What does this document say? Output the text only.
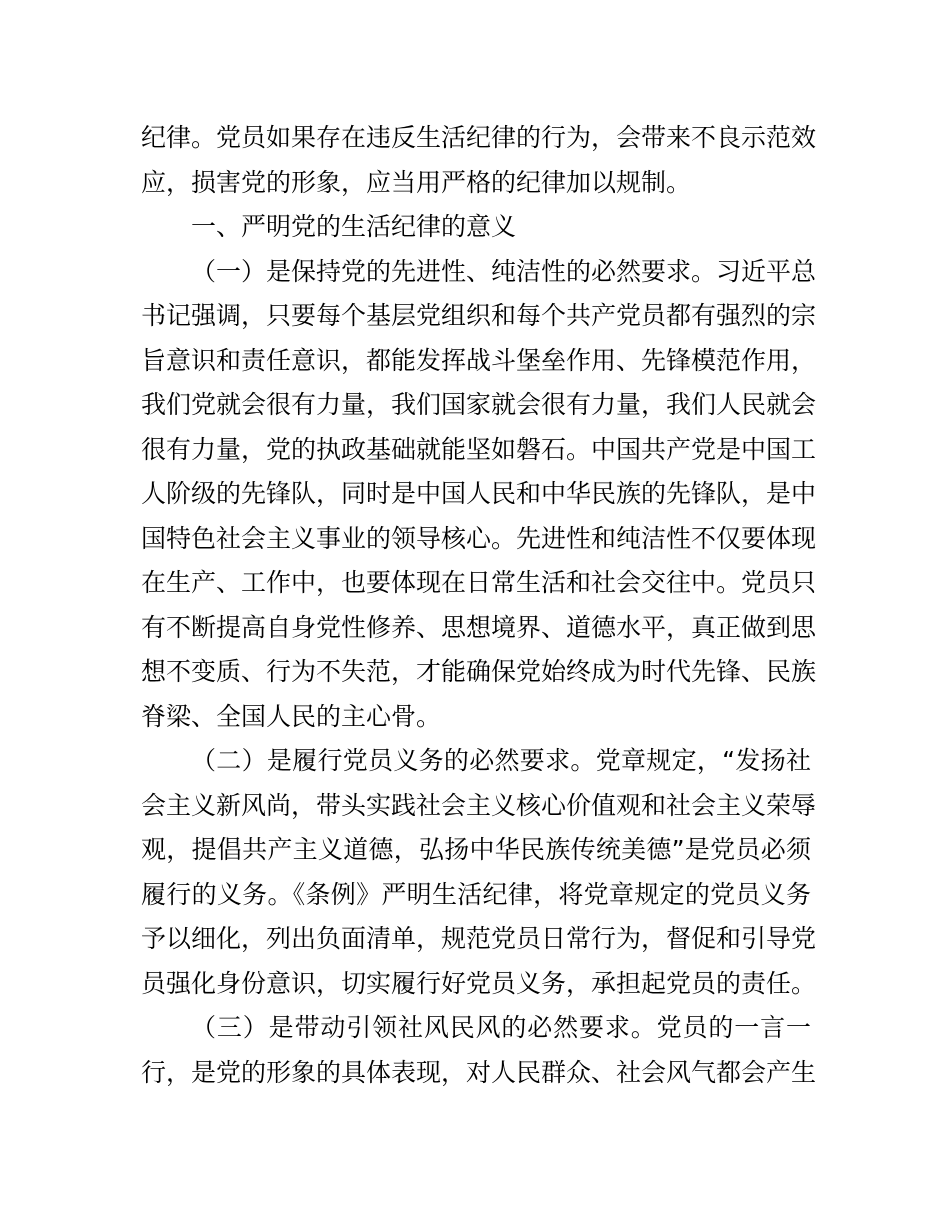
纪律。党员如果存在违反生活纪律的行为，会带来不良示范效
应，损害党的形象，应当用严格的纪律加以规制。
一、严明党的生活纪律的意义
（一）是保持党的先进性、纯洁性的必然要求。习近平总
书记强调，只要每个基层党组织和每个共产党员都有强烈的宗
旨意识和责任意识，都能发挥战斗堡垒作用、先锋模范作用，
我们党就会很有力量，我们国家就会很有力量，我们人民就会
很有力量，党的执政基础就能坚如磐石。中国共产党是中国工
人阶级的先锋队，同时是中国人民和中华民族的先锋队，是中
国特色社会主义事业的领导核心。先进性和纯洁性不仅要体现
在生产、工作中，也要体现在日常生活和社会交往中。党员只
有不断提高自身党性修养、思想境界、道德水平，真正做到思
想不变质、行为不失范，才能确保党始终成为时代先锋、民族
脊梁、全国人民的主心骨。
（二）是履行党员义务的必然要求。党章规定，“发扬社
会主义新风尚，带头实践社会主义核心价值观和社会主义荣辱
观，提倡共产主义道德，弘扬中华民族传统美德”是党员必须
履行的义务。《条例》严明生活纪律，将党章规定的党员义务
予以细化，列出负面清单，规范党员日常行为，督促和引导党
员强化身份意识，切实履行好党员义务，承担起党员的责任。
（三）是带动引领社风民风的必然要求。党员的一言一
行，是党的形象的具体表现，对人民群众、社会风气都会产生
